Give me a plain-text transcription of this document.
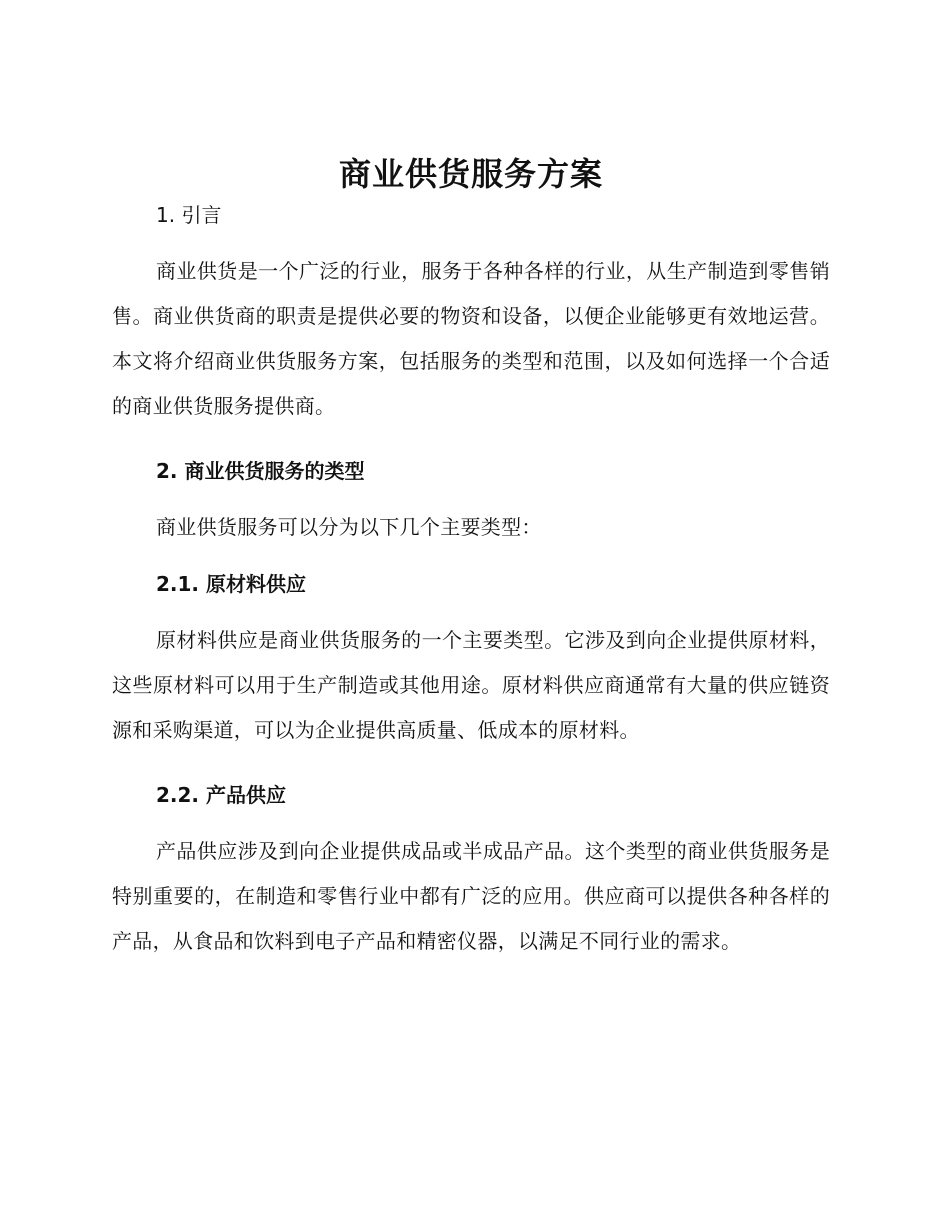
商业供货服务方案
1. 引言

商业供货是一个广泛的行业，服务于各种各样的行业，从生产制造到零售销售。商业供货商的职责是提供必要的物资和设备，以便企业能够更有效地运营。本文将介绍商业供货服务方案，包括服务的类型和范围，以及如何选择一个合适的商业供货服务提供商。

2. 商业供货服务的类型

商业供货服务可以分为以下几个主要类型：

2.1. 原材料供应

原材料供应是商业供货服务的一个主要类型。它涉及到向企业提供原材料，这些原材料可以用于生产制造或其他用途。原材料供应商通常有大量的供应链资源和采购渠道，可以为企业提供高质量、低成本的原材料。

2.2. 产品供应

产品供应涉及到向企业提供成品或半成品产品。这个类型的商业供货服务是特别重要的，在制造和零售行业中都有广泛的应用。供应商可以提供各种各样的产品，从食品和饮料到电子产品和精密仪器，以满足不同行业的需求。
